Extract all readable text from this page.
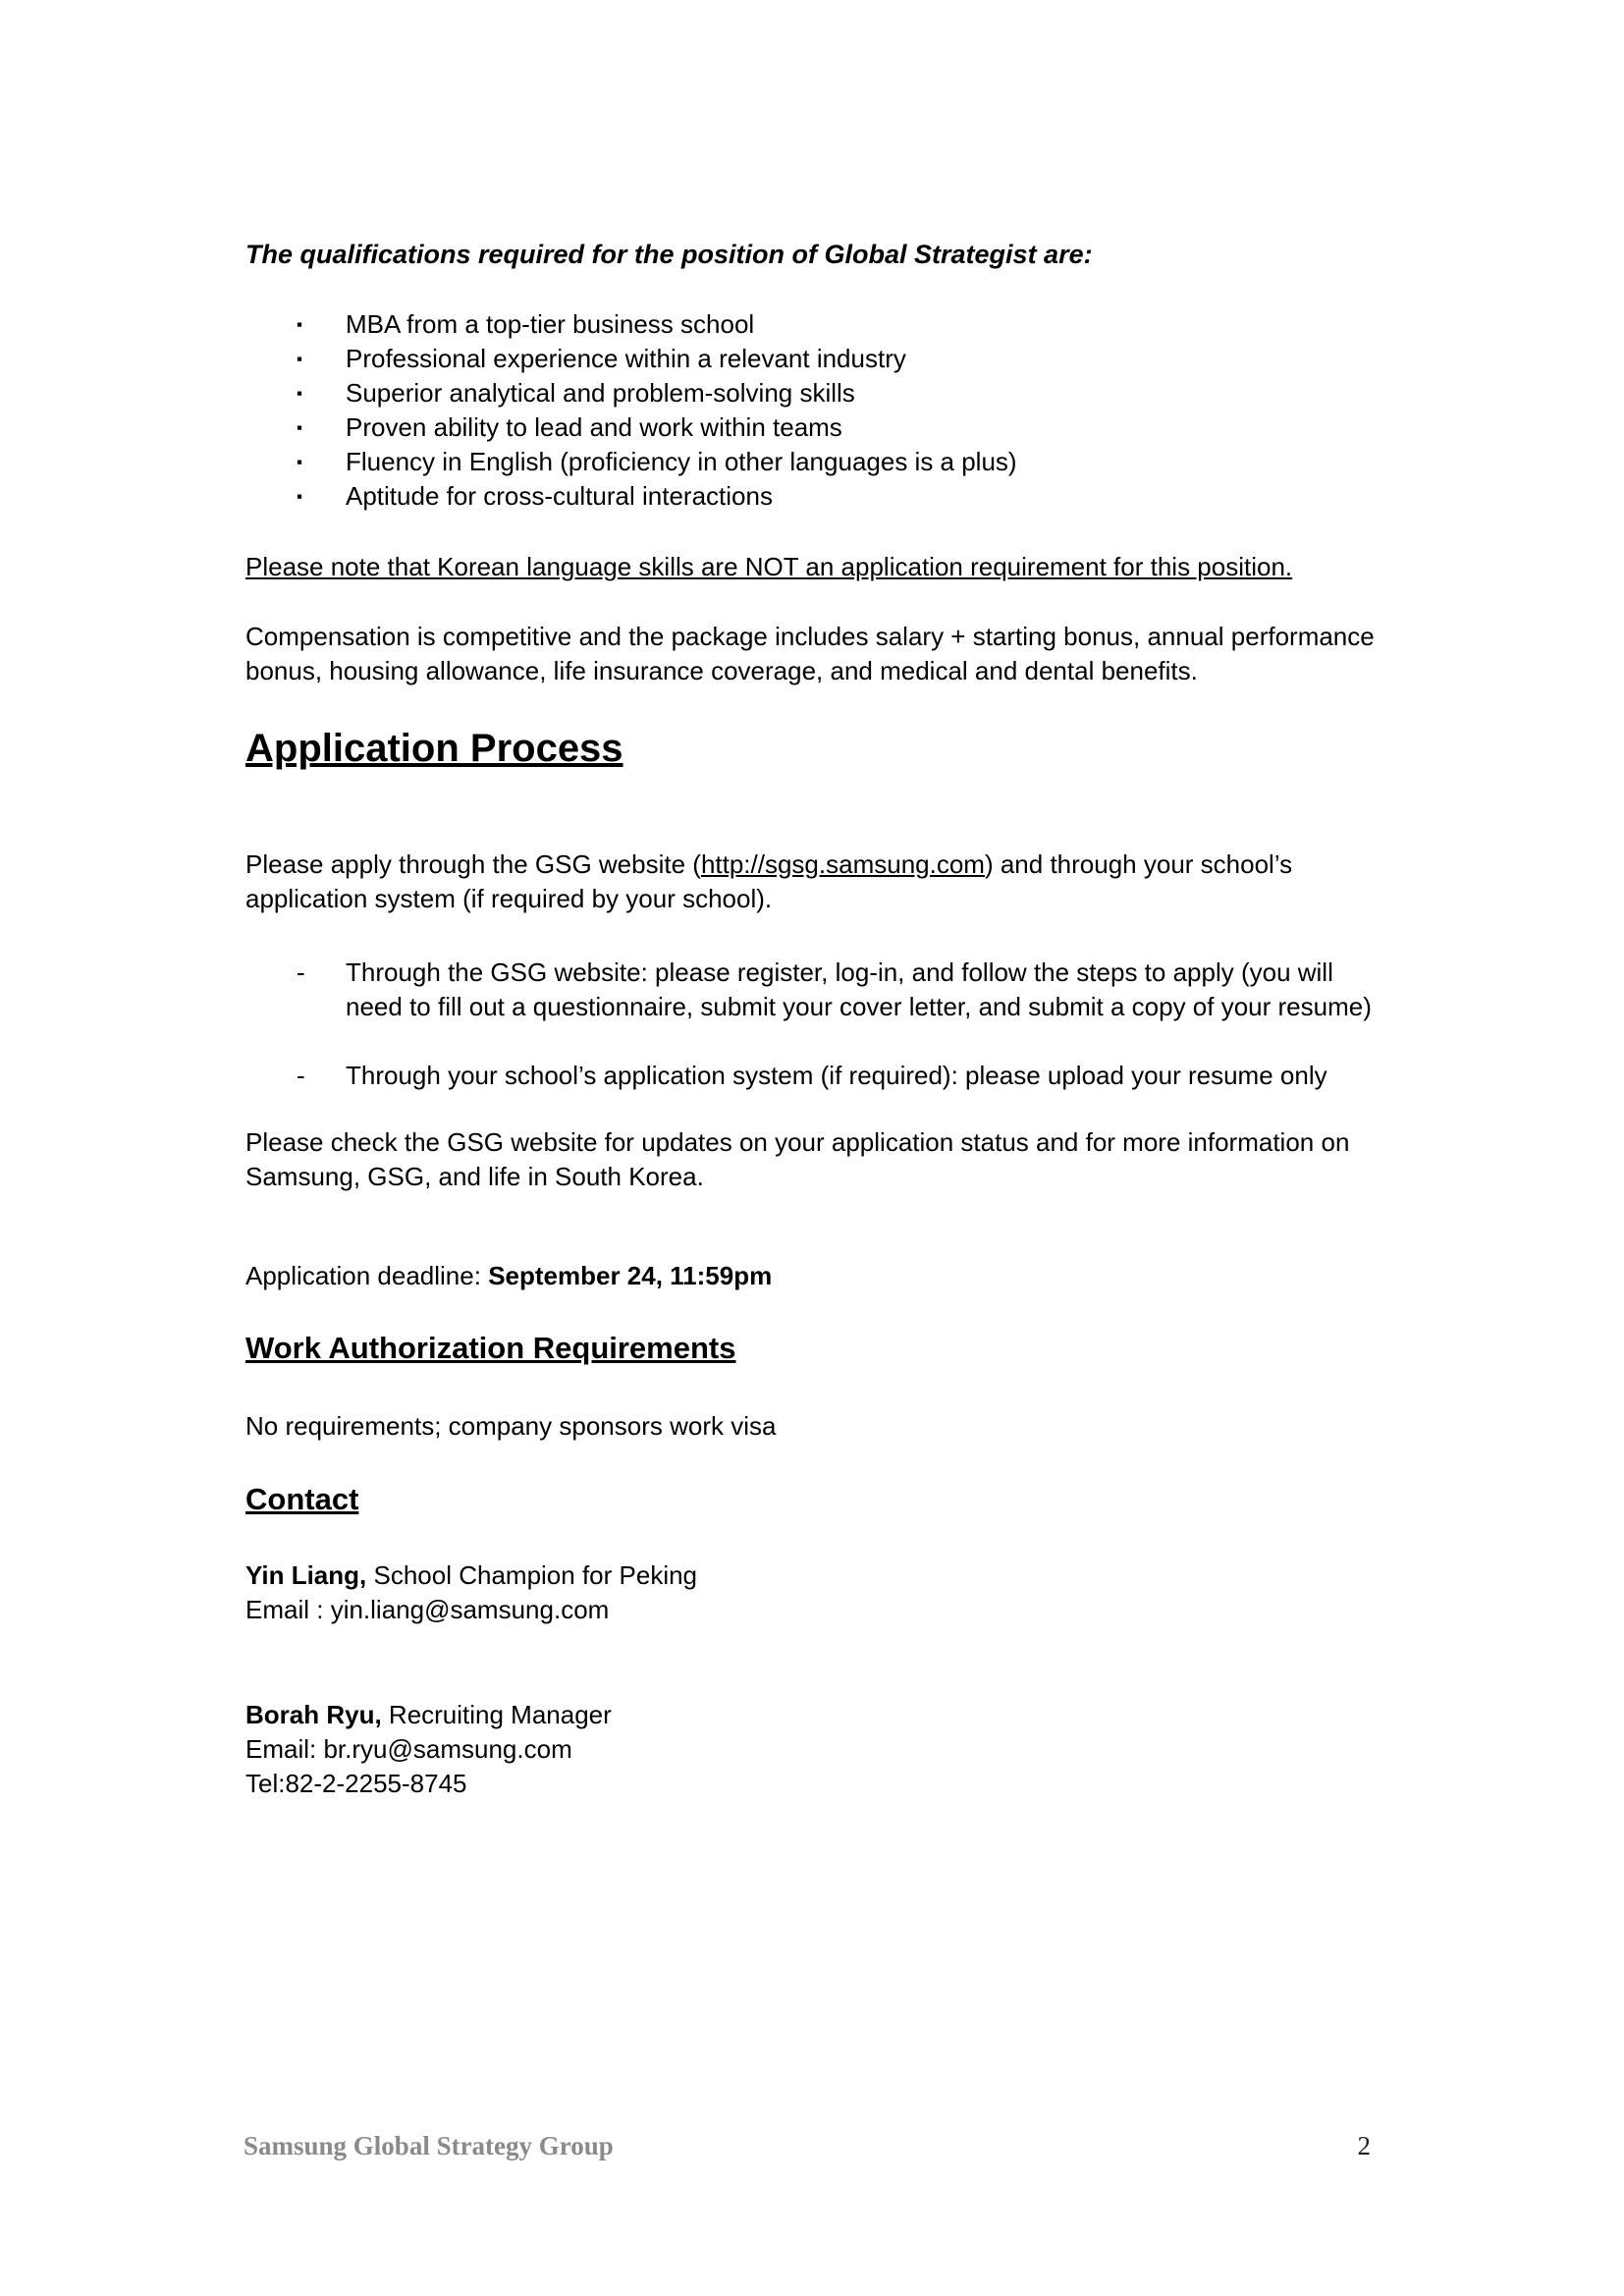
The qualifications required for the position of Global Strategist are:

▪ MBA from a top-tier business school
▪ Professional experience within a relevant industry
▪ Superior analytical and problem-solving skills
▪ Proven ability to lead and work within teams
▪ Fluency in English (proficiency in other languages is a plus)
▪ Aptitude for cross-cultural interactions

Please note that Korean language skills are NOT an application requirement for this position.

Compensation is competitive and the package includes salary + starting bonus, annual performance bonus, housing allowance, life insurance coverage, and medical and dental benefits.

Application Process

Please apply through the GSG website (http://sgsg.samsung.com) and through your school’s application system (if required by your school).

- Through the GSG website: please register, log-in, and follow the steps to apply (you will need to fill out a questionnaire, submit your cover letter, and submit a copy of your resume)
- Through your school’s application system (if required): please upload your resume only

Please check the GSG website for updates on your application status and for more information on Samsung, GSG, and life in South Korea.

Application deadline: September 24, 11:59pm

Work Authorization Requirements

No requirements; company sponsors work visa

Contact

Yin Liang, School Champion for Peking

Email : yin.liang@samsung.com

Borah Ryu, Recruiting Manager

Email: br.ryu@samsung.com

Tel:82-2-2255-8745

Samsung Global Strategy Group	2
